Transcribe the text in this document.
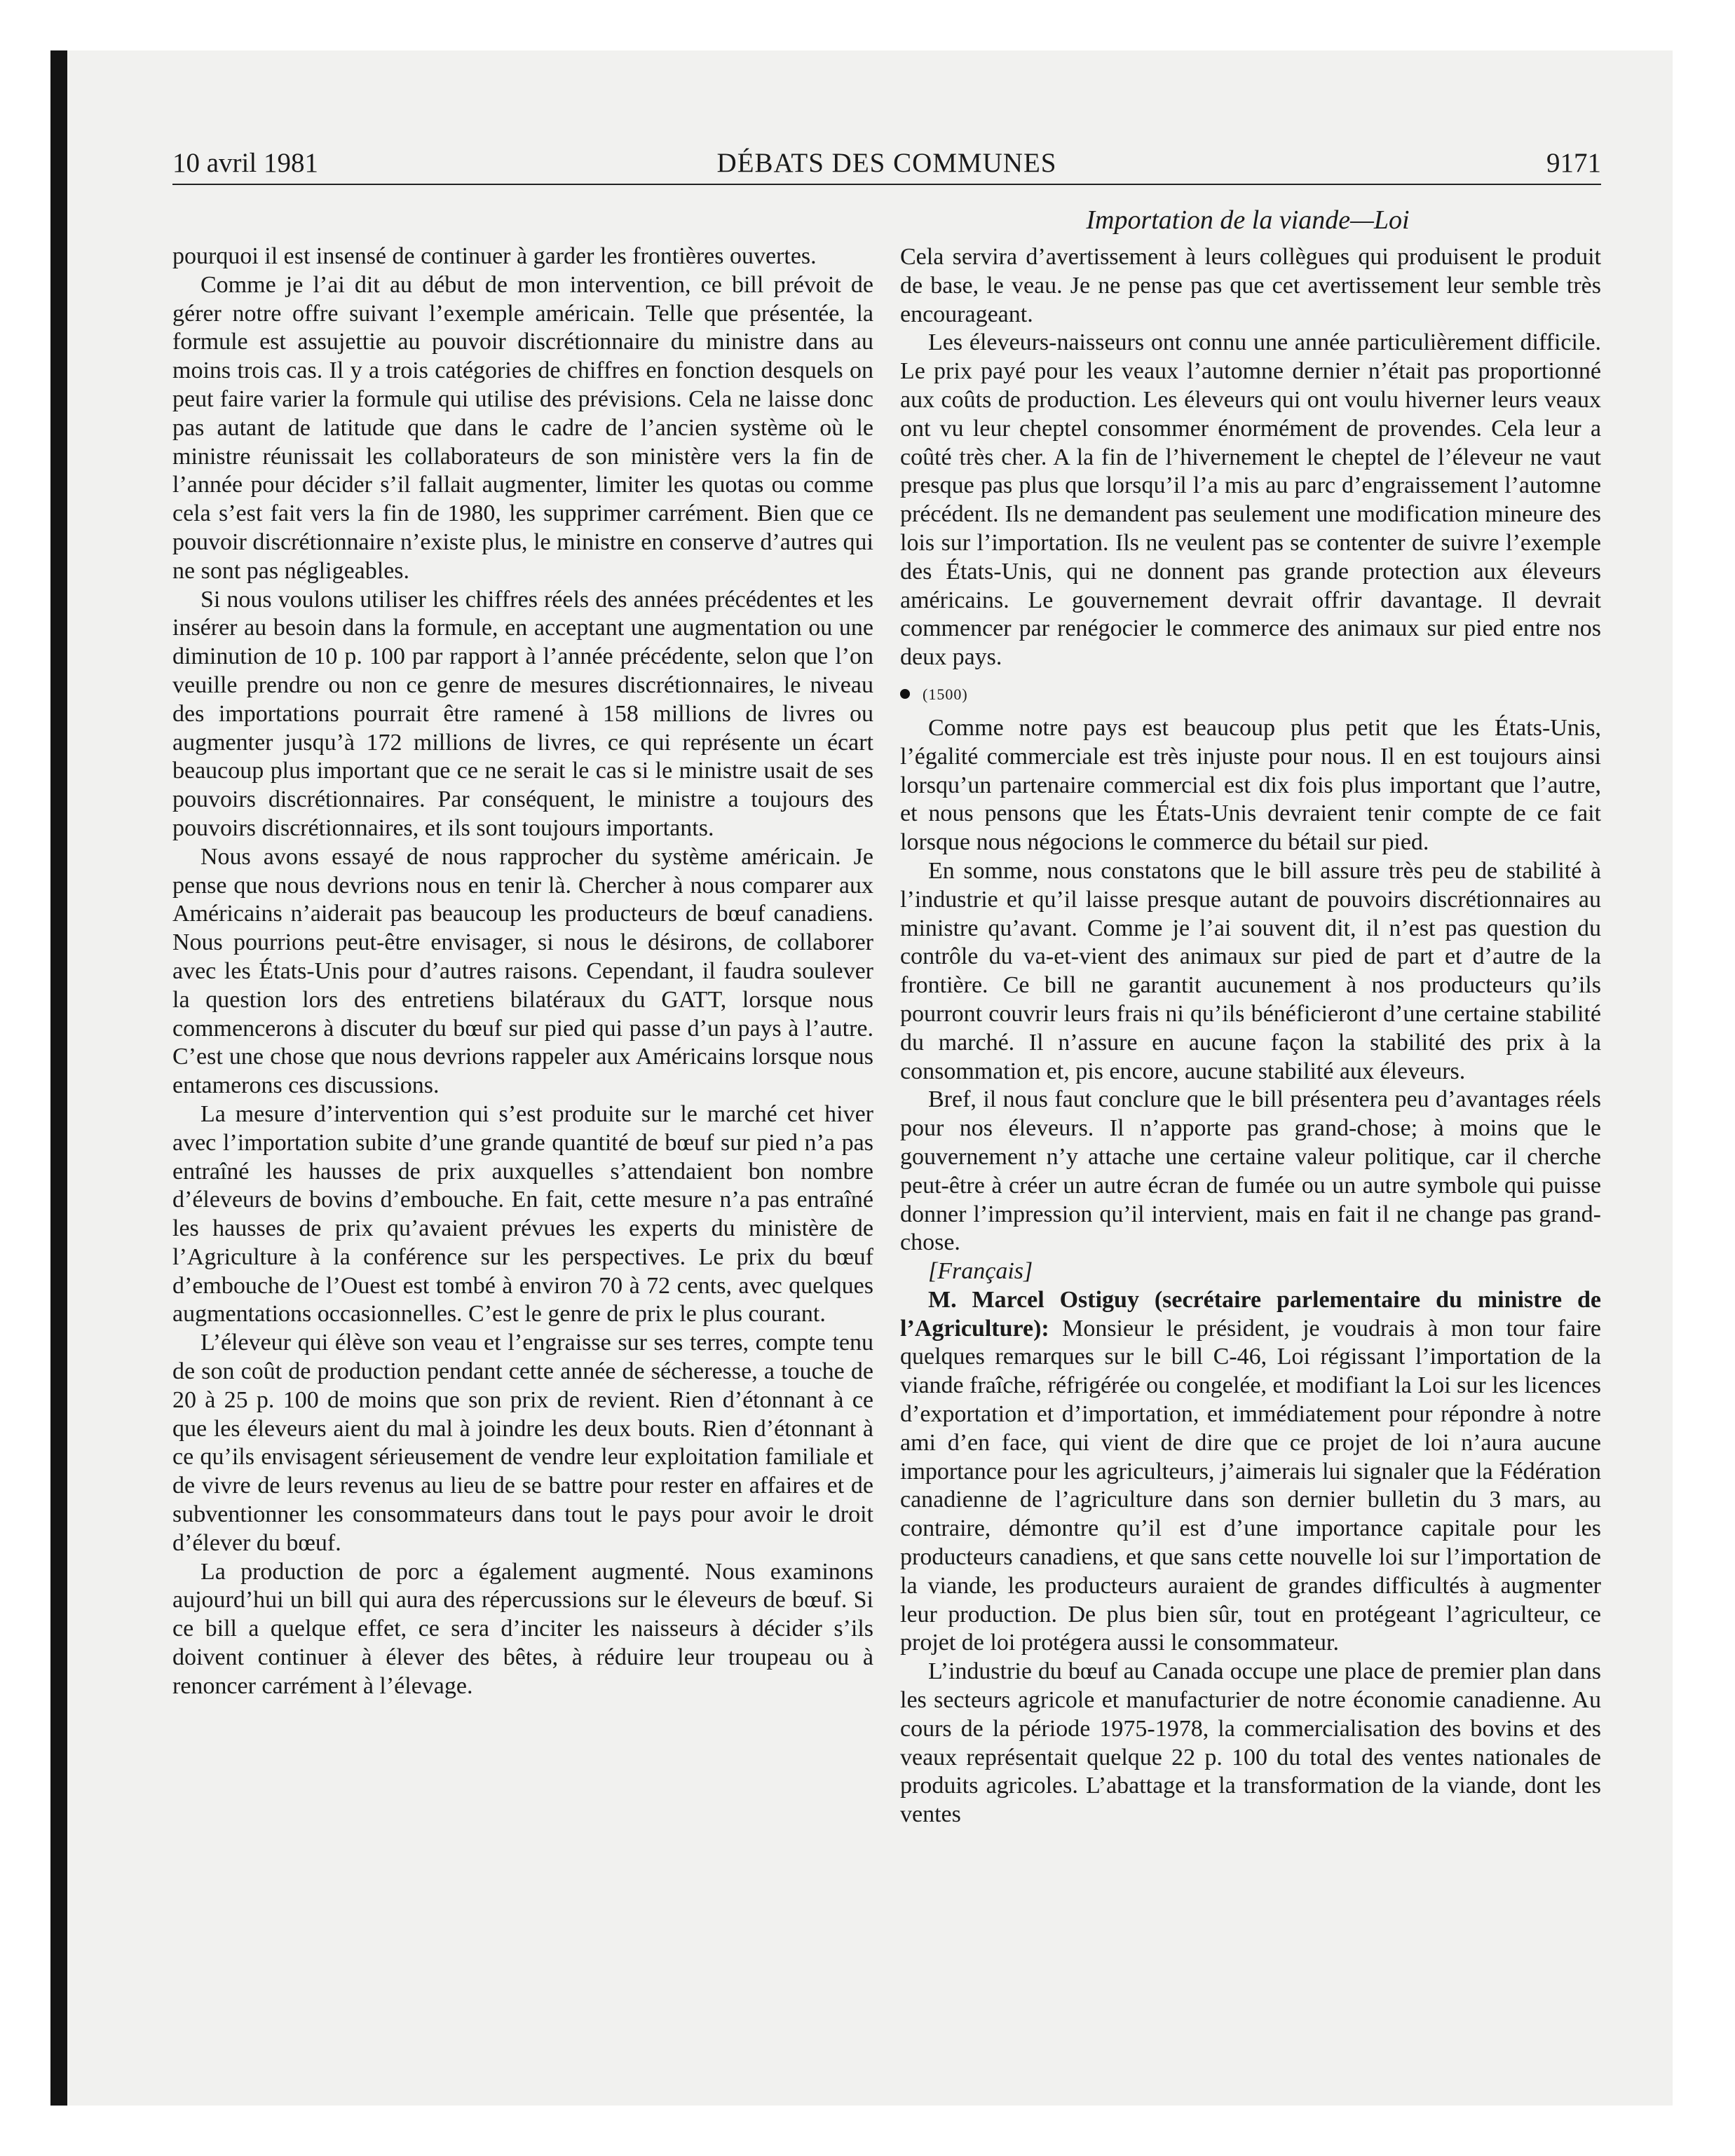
DÉBATS DES COMMUNES
10 avril 1981	9171
Importation de la viande—Loi

pourquoi il est insensé de continuer à garder les frontières ouvertes.

Comme je l’ai dit au début de mon intervention, ce bill prévoit de gérer notre offre suivant l’exemple américain. Telle que présentée, la formule est assujettie au pouvoir discrétionnaire du ministre dans au moins trois cas. Il y a trois catégories de chiffres en fonction desquels on peut faire varier la formule qui utilise des prévisions. Cela ne laisse donc pas autant de latitude que dans le cadre de l’ancien système où le ministre réunissait les collaborateurs de son ministère vers la fin de l’année pour décider s’il fallait augmenter, limiter les quotas ou comme cela s’est fait vers la fin de 1980, les supprimer carrément. Bien que ce pouvoir discrétionnaire n’existe plus, le ministre en conserve d’autres qui ne sont pas négligeables.

Si nous voulons utiliser les chiffres réels des années précédentes et les insérer au besoin dans la formule, en acceptant une augmentation ou une diminution de 10 p. 100 par rapport à l’année précédente, selon que l’on veuille prendre ou non ce genre de mesures discrétionnaires, le niveau des importations pourrait être ramené à 158 millions de livres ou augmenter jusqu’à 172 millions de livres, ce qui représente un écart beaucoup plus important que ce ne serait le cas si le ministre usait de ses pouvoirs discrétionnaires. Par conséquent, le ministre a toujours des pouvoirs discrétionnaires, et ils sont toujours importants.

Nous avons essayé de nous rapprocher du système américain. Je pense que nous devrions nous en tenir là. Chercher à nous comparer aux Américains n’aiderait pas beaucoup les producteurs de bœuf canadiens. Nous pourrions peut-être envisager, si nous le désirons, de collaborer avec les États-Unis pour d’autres raisons. Cependant, il faudra soulever la question lors des entretiens bilatéraux du GATT, lorsque nous commencerons à discuter du bœuf sur pied qui passe d’un pays à l’autre. C’est une chose que nous devrions rappeler aux Américains lorsque nous entamerons ces discussions.

La mesure d’intervention qui s’est produite sur le marché cet hiver avec l’importation subite d’une grande quantité de bœuf sur pied n’a pas entraîné les hausses de prix auxquelles s’attendaient bon nombre d’éleveurs de bovins d’embouche. En fait, cette mesure n’a pas entraîné les hausses de prix qu’avaient prévues les experts du ministère de l’Agriculture à la conférence sur les perspectives. Le prix du bœuf d’embouche de l’Ouest est tombé à environ 70 à 72 cents, avec quelques augmentations occasionnelles. C’est le genre de prix le plus courant.

L’éleveur qui élève son veau et l’engraisse sur ses terres, compte tenu de son coût de production pendant cette année de sécheresse, a touche de 20 à 25 p. 100 de moins que son prix de revient. Rien d’étonnant à ce que les éleveurs aient du mal à joindre les deux bouts. Rien d’étonnant à ce qu’ils envisagent sérieusement de vendre leur exploitation familiale et de vivre de leurs revenus au lieu de se battre pour rester en affaires et de subventionner les consommateurs dans tout le pays pour avoir le droit d’élever du bœuf.

La production de porc a également augmenté. Nous examinons aujourd’hui un bill qui aura des répercussions sur le éleveurs de bœuf. Si ce bill a quelque effet, ce sera d’inciter les naisseurs à décider s’ils doivent continuer à élever des bêtes, à réduire leur troupeau ou à renoncer carrément à l’élevage.

Cela servira d’avertissement à leurs collègues qui produisent le produit de base, le veau. Je ne pense pas que cet avertissement leur semble très encourageant.

Les éleveurs-naisseurs ont connu une année particulièrement difficile. Le prix payé pour les veaux l’automne dernier n’était pas proportionné aux coûts de production. Les éleveurs qui ont voulu hiverner leurs veaux ont vu leur cheptel consommer énormément de provendes. Cela leur a coûté très cher. A la fin de l’hivernement le cheptel de l’éleveur ne vaut presque pas plus que lorsqu’il l’a mis au parc d’engraissement l’automne précédent. Ils ne demandent pas seulement une modification mineure des lois sur l’importation. Ils ne veulent pas se contenter de suivre l’exemple des États-Unis, qui ne donnent pas grande protection aux éleveurs américains. Le gouvernement devrait offrir davantage. Il devrait commencer par renégocier le commerce des animaux sur pied entre nos deux pays.

(1500)

Comme notre pays est beaucoup plus petit que les États-Unis, l’égalité commerciale est très injuste pour nous. Il en est toujours ainsi lorsqu’un partenaire commercial est dix fois plus important que l’autre, et nous pensons que les États-Unis devraient tenir compte de ce fait lorsque nous négocions le commerce du bétail sur pied.

En somme, nous constatons que le bill assure très peu de stabilité à l’industrie et qu’il laisse presque autant de pouvoirs discrétionnaires au ministre qu’avant. Comme je l’ai souvent dit, il n’est pas question du contrôle du va-et-vient des animaux sur pied de part et d’autre de la frontière. Ce bill ne garantit aucunement à nos producteurs qu’ils pourront couvrir leurs frais ni qu’ils bénéficieront d’une certaine stabilité du marché. Il n’assure en aucune façon la stabilité des prix à la consommation et, pis encore, aucune stabilité aux éleveurs.

Bref, il nous faut conclure que le bill présentera peu d’avantages réels pour nos éleveurs. Il n’apporte pas grand-chose; à moins que le gouvernement n’y attache une certaine valeur politique, car il cherche peut-être à créer un autre écran de fumée ou un autre symbole qui puisse donner l’impression qu’il intervient, mais en fait il ne change pas grand-chose.

[Français]

M. Marcel Ostiguy (secrétaire parlementaire du ministre de l’Agriculture): Monsieur le président, je voudrais à mon tour faire quelques remarques sur le bill C-46, Loi régissant l’importation de la viande fraîche, réfrigérée ou congelée, et modifiant la Loi sur les licences d’exportation et d’importation, et immédiatement pour répondre à notre ami d’en face, qui vient de dire que ce projet de loi n’aura aucune importance pour les agriculteurs, j’aimerais lui signaler que la Fédération canadienne de l’agriculture dans son dernier bulletin du 3 mars, au contraire, démontre qu’il est d’une importance capitale pour les producteurs canadiens, et que sans cette nouvelle loi sur l’importation de la viande, les producteurs auraient de grandes difficultés à augmenter leur production. De plus bien sûr, tout en protégeant l’agriculteur, ce projet de loi protégera aussi le consommateur.

L’industrie du bœuf au Canada occupe une place de premier plan dans les secteurs agricole et manufacturier de notre économie canadienne. Au cours de la période 1975-1978, la commercialisation des bovins et des veaux représentait quelque 22 p. 100 du total des ventes nationales de produits agricoles. L’abattage et la transformation de la viande, dont les ventes
